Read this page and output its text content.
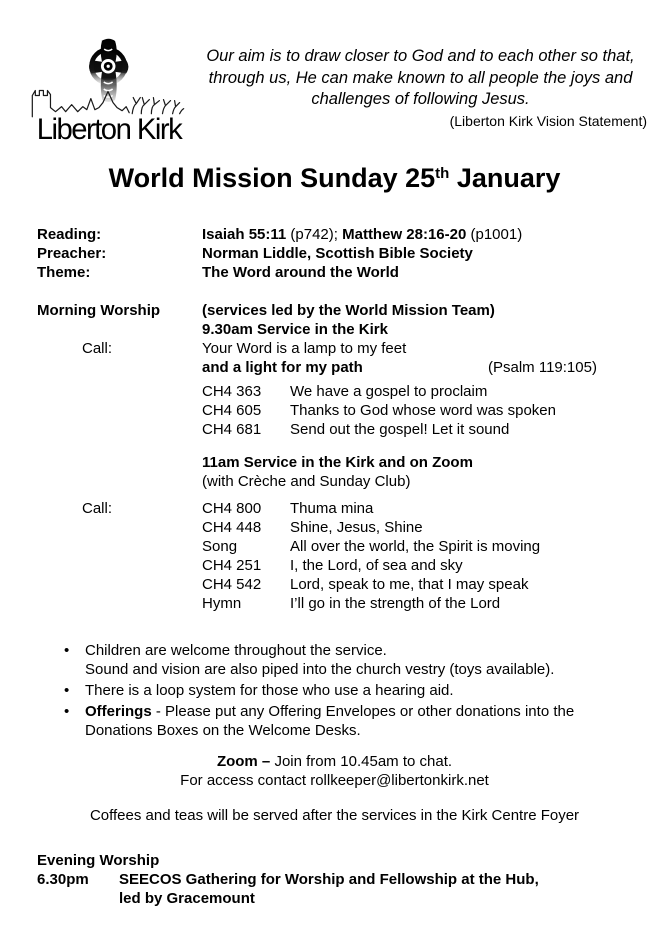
Liberton Kirk
Our aim is to draw closer to God and to each other so that, through us, He can make known to all people the joys and challenges of following Jesus.
(Liberton Kirk Vision Statement)
World Mission Sunday 25th January
Reading:	Isaiah 55:11 (p742); Matthew 28:16-20 (p1001)
Preacher:	Norman Liddle, Scottish Bible Society
Theme:	The Word around the World
Morning Worship	(services led by the World Mission Team)
9.30am Service in the Kirk
Call:	Your Word is a lamp to my feet
and a light for my path	(Psalm 119:105)
CH4 363	We have a gospel to proclaim
CH4 605	Thanks to God whose word was spoken
CH4 681	Send out the gospel! Let it sound
11am Service in the Kirk and on Zoom
(with Crèche and Sunday Club)
Call:	CH4 800	Thuma mina
CH4 448	Shine, Jesus, Shine
Song	All over the world, the Spirit is moving
CH4 251	I, the Lord, of sea and sky
CH4 542	Lord, speak to me, that I may speak
Hymn	I’ll go in the strength of the Lord
• Children are welcome throughout the service.
Sound and vision are also piped into the church vestry (toys available).
• There is a loop system for those who use a hearing aid.
• Offerings - Please put any Offering Envelopes or other donations into the Donations Boxes on the Welcome Desks.
Zoom – Join from 10.45am to chat.
For access contact rollkeeper@libertonkirk.net
Coffees and teas will be served after the services in the Kirk Centre Foyer
Evening Worship
6.30pm	SEECOS Gathering for Worship and Fellowship at the Hub,
led by Gracemount
